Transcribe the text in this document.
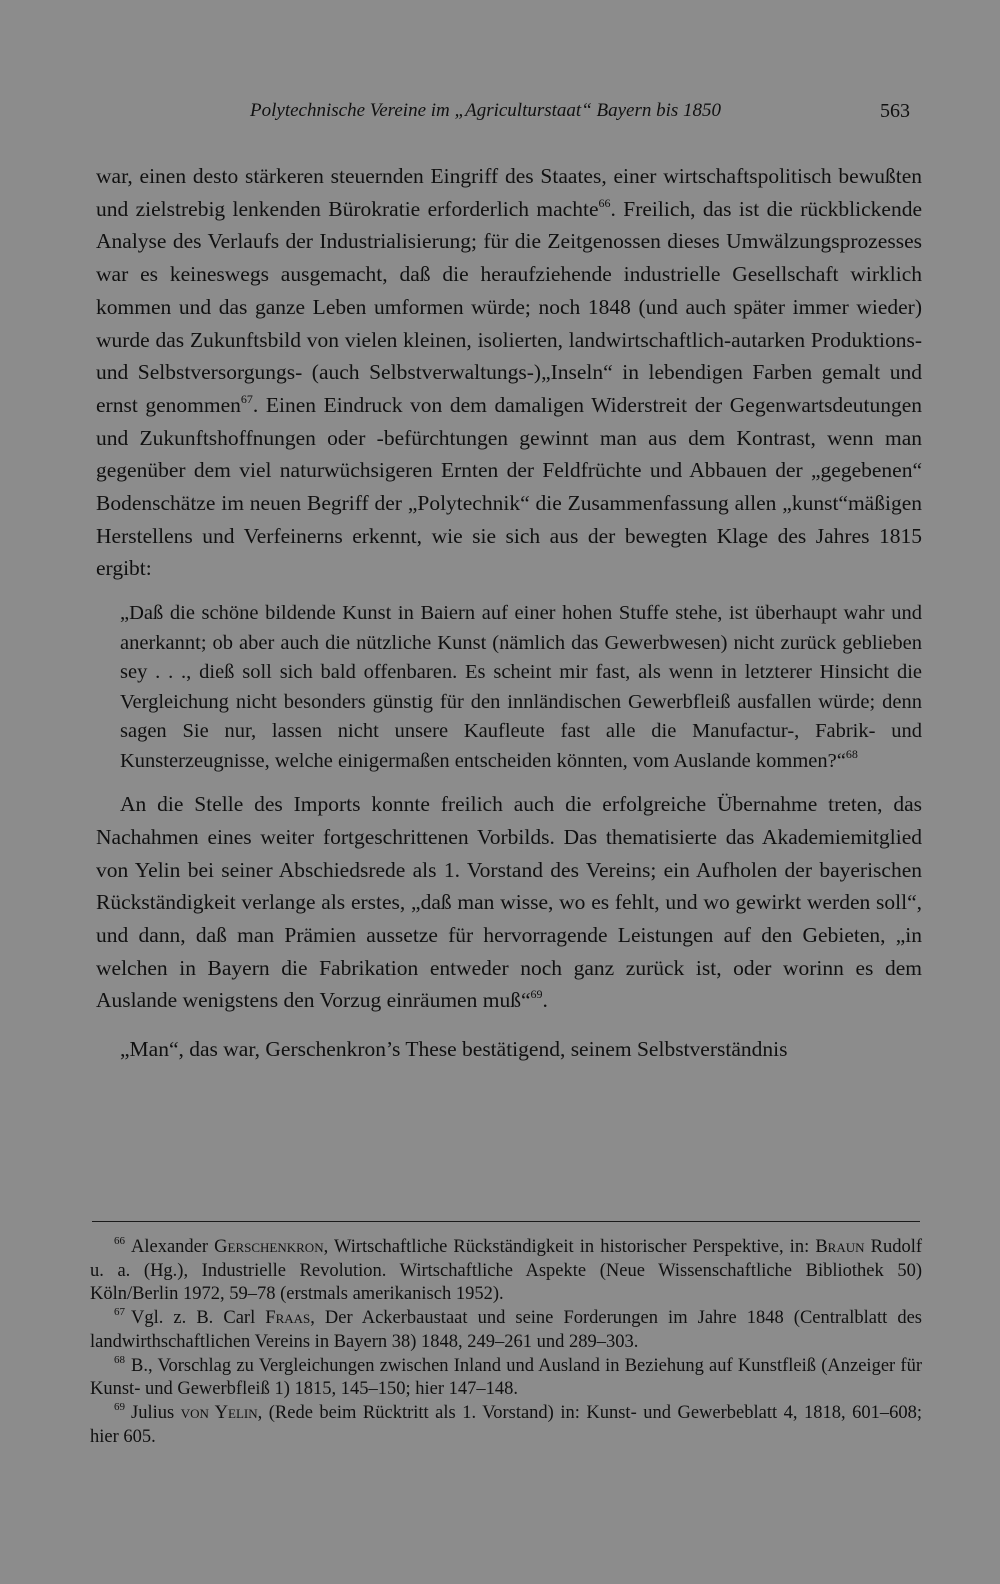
Polytechnische Vereine im „Agriculturstaat“ Bayern bis 1850	563

war, einen desto stärkeren steuernden Eingriff des Staates, einer wirtschaftspolitisch bewußten und zielstrebig lenkenden Bürokratie erforderlich machte$^{66}$. Freilich, das ist die rückblickende Analyse des Verlaufs der Industrialisierung; für die Zeitgenossen dieses Umwälzungsprozesses war es keineswegs ausgemacht, daß die heraufziehende industrielle Gesellschaft wirklich kommen und das ganze Leben umformen würde; noch 1848 (und auch später immer wieder) wurde das Zukunftsbild von vielen kleinen, isolierten, landwirtschaftlich-autarken Produktions- und Selbstversorgungs- (auch Selbstverwaltungs-)„Inseln“ in lebendigen Farben gemalt und ernst genommen$^{67}$. Einen Eindruck von dem damaligen Widerstreit der Gegenwartsdeutungen und Zukunftshoffnungen oder -befürchtungen gewinnt man aus dem Kontrast, wenn man gegenüber dem viel naturwüchsigeren Ernten der Feldfrüchte und Abbauen der „gegebenen“ Bodenschätze im neuen Begriff der „Polytechnik“ die Zusammenfassung allen „kunst“mäßigen Herstellens und Verfeinerns erkennt, wie sie sich aus der bewegten Klage des Jahres 1815 ergibt:

„Daß die schöne bildende Kunst in Baiern auf einer hohen Stuffe stehe, ist überhaupt wahr und anerkannt; ob aber auch die nützliche Kunst (nämlich das Gewerbwesen) nicht zurück geblieben sey . . ., dieß soll sich bald offenbaren. Es scheint mir fast, als wenn in letzterer Hinsicht die Vergleichung nicht besonders günstig für den innländischen Gewerbfleiß ausfallen würde; denn sagen Sie nur, lassen nicht unsere Kaufleute fast alle die Manufactur-, Fabrik- und Kunsterzeugnisse, welche einigermaßen entscheiden könnten, vom Auslande kommen?“$^{68}$

An die Stelle des Imports konnte freilich auch die erfolgreiche Übernahme treten, das Nachahmen eines weiter fortgeschrittenen Vorbilds. Das thematisierte das Akademiemitglied von Yelin bei seiner Abschiedsrede als 1. Vorstand des Vereins; ein Aufholen der bayerischen Rückständigkeit verlange als erstes, „daß man wisse, wo es fehlt, und wo gewirkt werden soll“, und dann, daß man Prämien aussetze für hervorragende Leistungen auf den Gebieten, „in welchen in Bayern die Fabrikation entweder noch ganz zurück ist, oder worinn es dem Auslande wenigstens den Vorzug einräumen muß“$^{69}$.

„Man“, das war, Gerschenkron’s These bestätigend, seinem Selbstverständnis

$^{66}$ Alexander Gerschenkron, Wirtschaftliche Rückständigkeit in historischer Perspektive, in: Braun Rudolf u. a. (Hg.), Industrielle Revolution. Wirtschaftliche Aspekte (Neue Wissenschaftliche Bibliothek 50) Köln/Berlin 1972, 59–78 (erstmals amerikanisch 1952).

$^{67}$ Vgl. z. B. Carl Fraas, Der Ackerbaustaat und seine Forderungen im Jahre 1848 (Centralblatt des landwirthschaftlichen Vereins in Bayern 38) 1848, 249–261 und 289–303.

$^{68}$ B., Vorschlag zu Vergleichungen zwischen Inland und Ausland in Beziehung auf Kunstfleiß (Anzeiger für Kunst- und Gewerbfleiß 1) 1815, 145–150; hier 147–148.

$^{69}$ Julius von Yelin, (Rede beim Rücktritt als 1. Vorstand) in: Kunst- und Gewerbeblatt 4, 1818, 601–608; hier 605.
